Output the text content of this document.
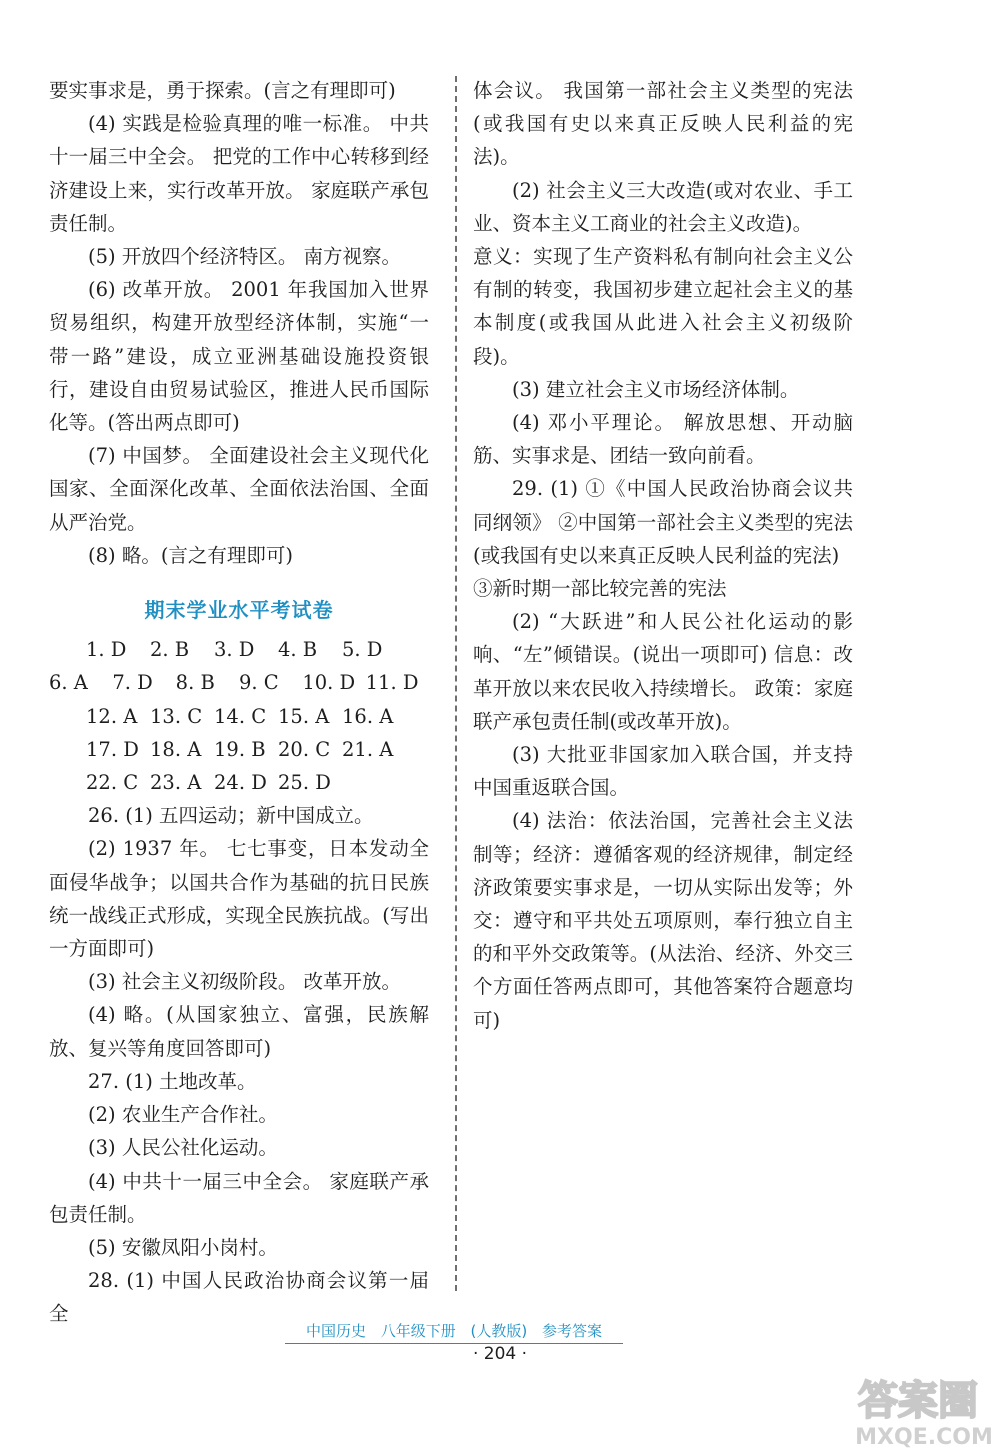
要实事求是，勇于探索。(言之有理即可)

(4) 实践是检验真理的唯一标准。 中共十一届三中全会。 把党的工作中心转移到经济建设上来，实行改革开放。 家庭联产承包责任制。

(5) 开放四个经济特区。 南方视察。

(6) 改革开放。 2001 年我国加入世界贸易组织，构建开放型经济体制，实施“一带一路”建设，成立亚洲基础设施投资银行，建设自由贸易试验区，推进人民币国际化等。(答出两点即可)

(7) 中国梦。 全面建设社会主义现代化国家、全面深化改革、全面依法治国、全面从严治党。

(8) 略。(言之有理即可)

期末学业水平考试卷

1. D	2. B	3. D	4. B	5. D
6. A	7. D	8. B	9. C	10. D 11. D
12. A 13. C 14. C 15. A 16. A
17. D 18. A 19. B 20. C 21. A
22. C 23. A 24. D 25. D

26. (1) 五四运动；新中国成立。

(2) 1937 年。 七七事变，日本发动全面侵华战争；以国共合作为基础的抗日民族统一战线正式形成，实现全民族抗战。(写出一方面即可)

(3) 社会主义初级阶段。 改革开放。

(4) 略。(从国家独立、富强，民族解放、复兴等角度回答即可)

27. (1) 土地改革。

(2) 农业生产合作社。

(3) 人民公社化运动。

(4) 中共十一届三中全会。 家庭联产承包责任制。

(5) 安徽凤阳小岗村。

28. (1) 中国人民政治协商会议第一届全

体会议。 我国第一部社会主义类型的宪法(或我国有史以来真正反映人民利益的宪法)。

(2) 社会主义三大改造(或对农业、手工业、资本主义工商业的社会主义改造)。

意义：实现了生产资料私有制向社会主义公有制的转变，我国初步建立起社会主义的基本制度(或我国从此进入社会主义初级阶段)。

(3) 建立社会主义市场经济体制。

(4) 邓小平理论。 解放思想、开动脑筋、实事求是、团结一致向前看。

29. (1) ①《中国人民政治协商会议共同纲领》 ②中国第一部社会主义类型的宪法(或我国有史以来真正反映人民利益的宪法)

③新时期一部比较完善的宪法

(2) “大跃进”和人民公社化运动的影响、“左”倾错误。(说出一项即可) 信息：改革开放以来农民收入持续增长。 政策：家庭联产承包责任制(或改革开放)。

(3) 大批亚非国家加入联合国，并支持中国重返联合国。

(4) 法治：依法治国，完善社会主义法制等；经济：遵循客观的经济规律，制定经济政策要实事求是，一切从实际出发等；外交：遵守和平共处五项原则，奉行独立自主的和平外交政策等。(从法治、经济、外交三个方面任答两点即可，其他答案符合题意均可)

中国历史 八年级下册 (人教版) 参考答案
· 204 ·
答案圈
MXQE.COM
